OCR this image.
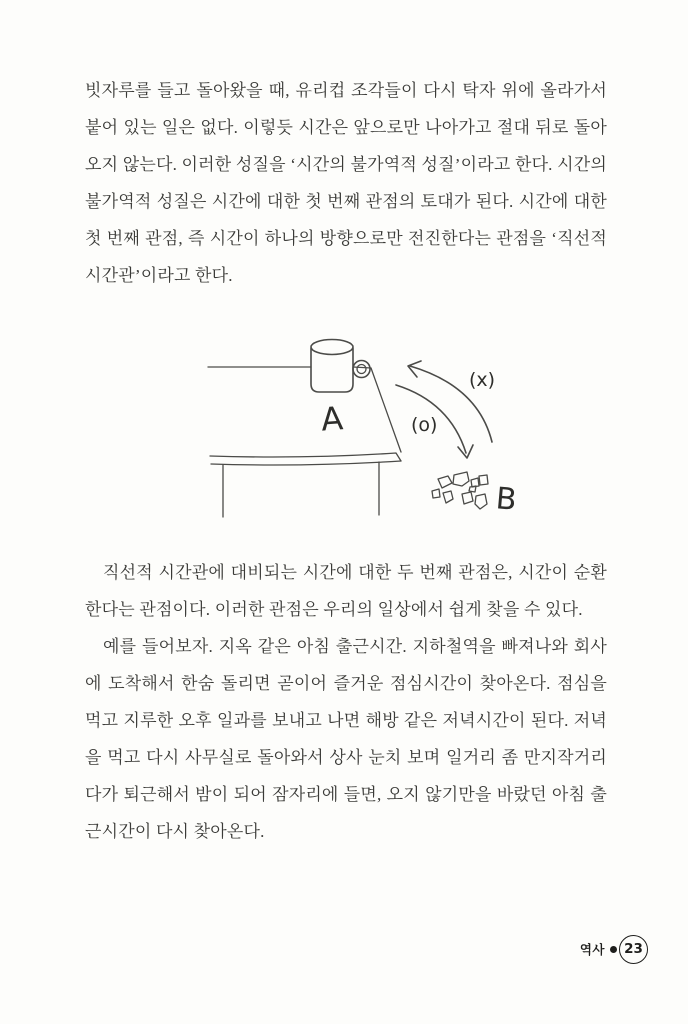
빗자루를 들고 돌아왔을 때, 유리컵 조각들이 다시 탁자 위에 올라가서
붙어 있는 일은 없다. 이렇듯 시간은 앞으로만 나아가고 절대 뒤로 돌아
오지 않는다. 이러한 성질을 ‘시간의 불가역적 성질’이라고 한다. 시간의
불가역적 성질은 시간에 대한 첫 번째 관점의 토대가 된다. 시간에 대한
첫 번째 관점, 즉 시간이 하나의 방향으로만 전진한다는 관점을 ‘직선적
시간관’이라고 한다.
A
(x)
(o)
B
직선적 시간관에 대비되는 시간에 대한 두 번째 관점은, 시간이 순환
한다는 관점이다. 이러한 관점은 우리의 일상에서 쉽게 찾을 수 있다.
예를 들어보자. 지옥 같은 아침 출근시간. 지하철역을 빠져나와 회사
에 도착해서 한숨 돌리면 곧이어 즐거운 점심시간이 찾아온다. 점심을
먹고 지루한 오후 일과를 보내고 나면 해방 같은 저녁시간이 된다. 저녁
을 먹고 다시 사무실로 돌아와서 상사 눈치 보며 일거리 좀 만지작거리
다가 퇴근해서 밤이 되어 잠자리에 들면, 오지 않기만을 바랐던 아침 출
근시간이 다시 찾아온다.
역사 23
